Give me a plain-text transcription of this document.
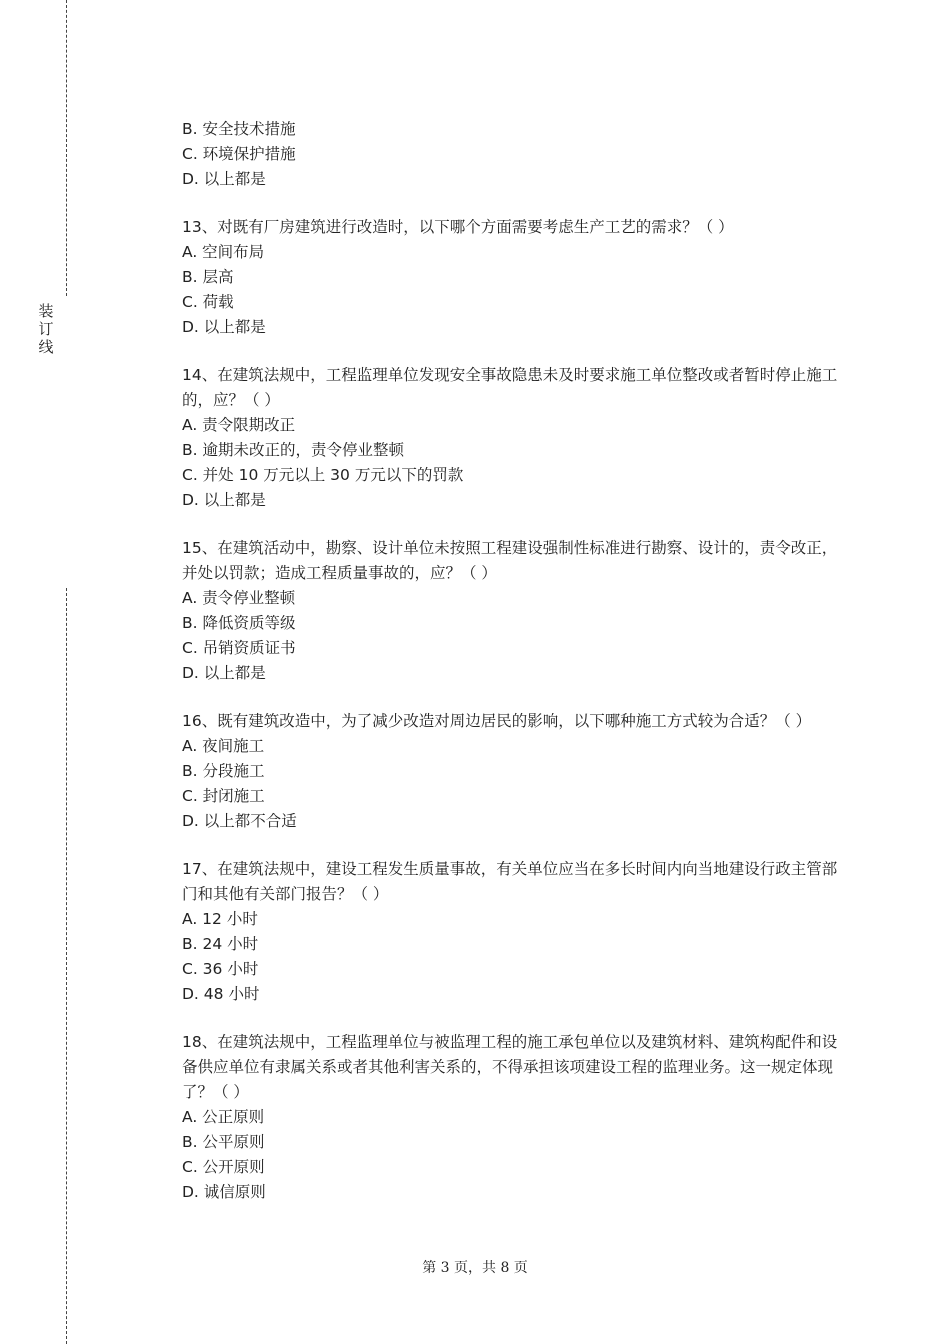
装
订
线
B. 安全技术措施
C. 环境保护措施
D. 以上都是
13、对既有厂房建筑进行改造时，以下哪个方面需要考虑生产工艺的需求？（ ）
A. 空间布局
B. 层高
C. 荷载
D. 以上都是
14、在建筑法规中，工程监理单位发现安全事故隐患未及时要求施工单位整改或者暂时停止施工的，应？（ ）
A. 责令限期改正
B. 逾期未改正的，责令停业整顿
C. 并处 10 万元以上 30 万元以下的罚款
D. 以上都是
15、在建筑活动中，勘察、设计单位未按照工程建设强制性标准进行勘察、设计的，责令改正，并处以罚款；造成工程质量事故的，应？（ ）
A. 责令停业整顿
B. 降低资质等级
C. 吊销资质证书
D. 以上都是
16、既有建筑改造中，为了减少改造对周边居民的影响，以下哪种施工方式较为合适？（ ）
A. 夜间施工
B. 分段施工
C. 封闭施工
D. 以上都不合适
17、在建筑法规中，建设工程发生质量事故，有关单位应当在多长时间内向当地建设行政主管部门和其他有关部门报告？（ ）
A. 12 小时
B. 24 小时
C. 36 小时
D. 48 小时
18、在建筑法规中，工程监理单位与被监理工程的施工承包单位以及建筑材料、建筑构配件和设备供应单位有隶属关系或者其他利害关系的，不得承担该项建设工程的监理业务。这一规定体现了？（ ）
A. 公正原则
B. 公平原则
C. 公开原则
D. 诚信原则
第 3 页，共 8 页
